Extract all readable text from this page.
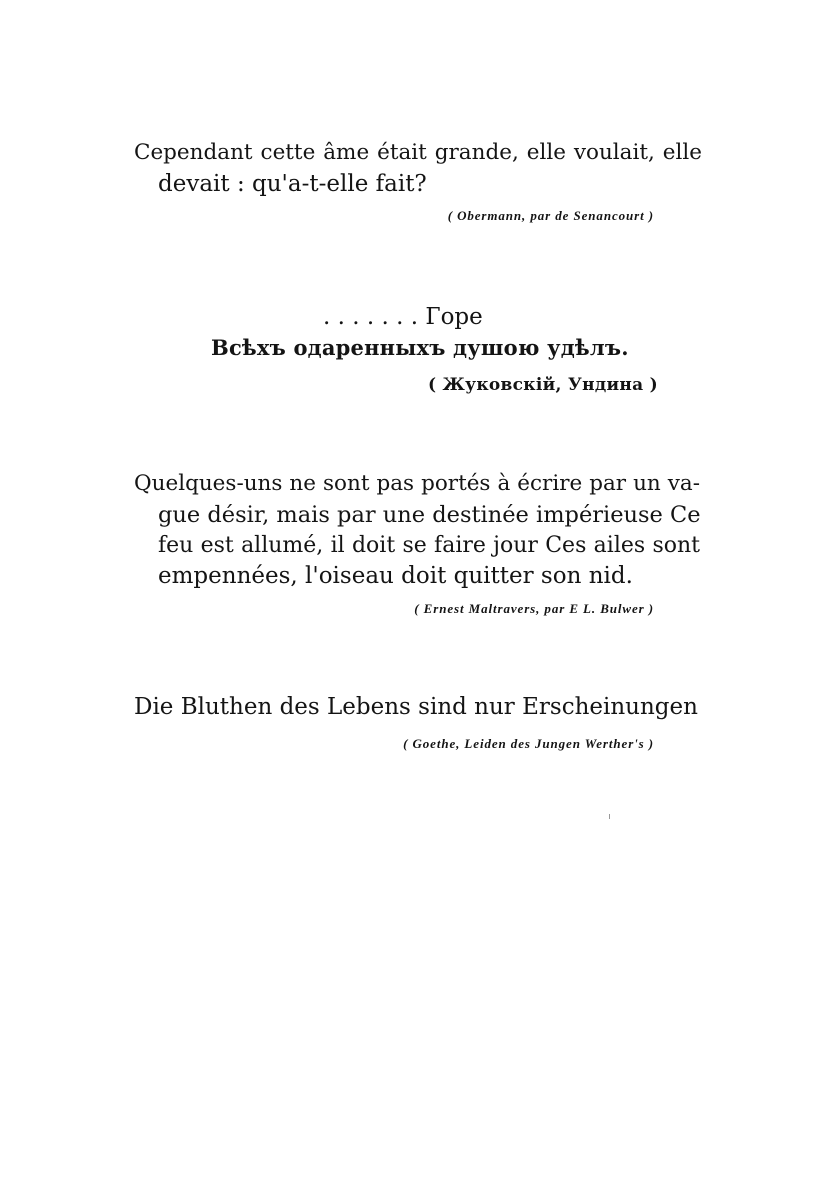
Cependant cette âme était grande, elle voulait, elle
devait : qu'a-t-elle fait?
( Obermann, par de Senancourt )
. . . . . . . Горе
Всѣхъ одаренныхъ душою удѣлъ.
( Жуковскій, Ундина )
Quelques-uns ne sont pas portés à écrire par un va-
gue désir, mais par une destinée impérieuse Ce
feu est allumé, il doit se faire jour Ces ailes sont
empennées, l'oiseau doit quitter son nid.
( Ernest Maltravers, par E L. Bulwer )
Die Bluthen des Lebens sind nur Erscheinungen
( Goethe, Leiden des Jungen Werther's )
